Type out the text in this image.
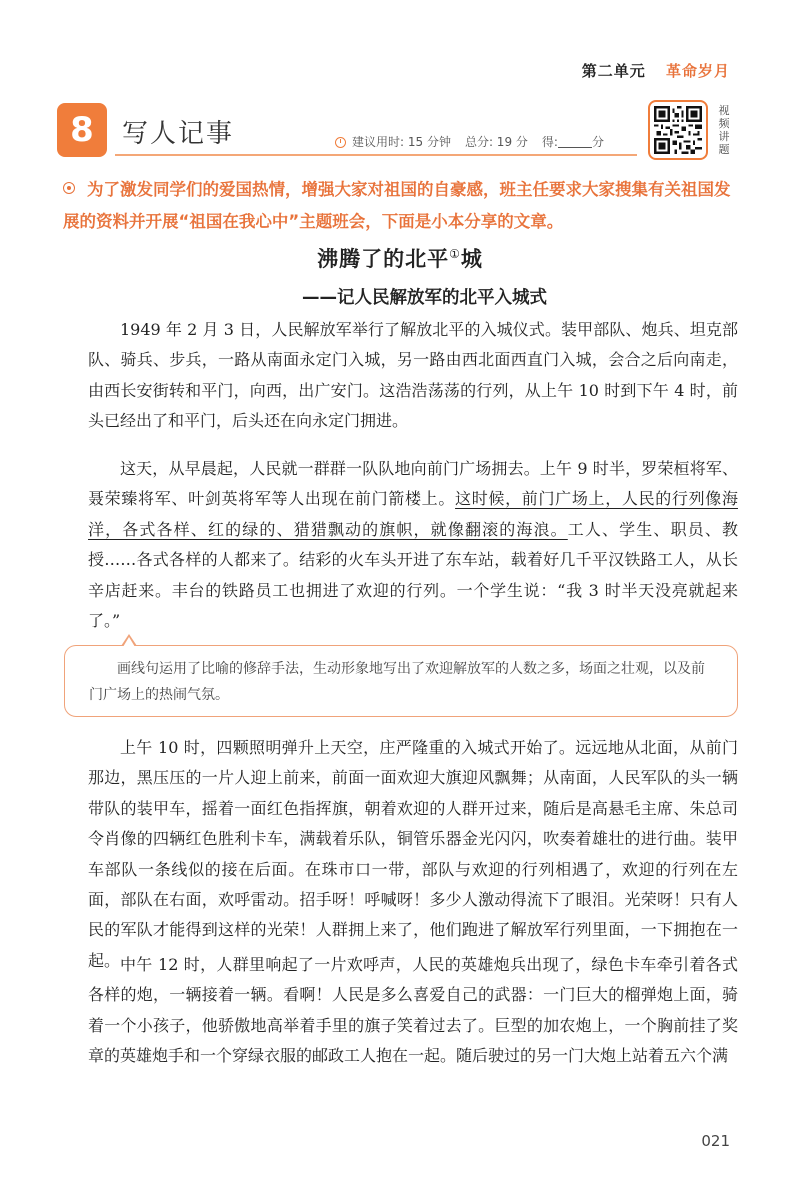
第二单元 革命岁月
8	写人记事	建议用时: 15 分钟 总分: 19 分 得:	分
视频讲题
为了激发同学们的爱国热情，增强大家对祖国的自豪感，班主任要求大家搜集有关祖国发展的资料并开展“祖国在我心中”主题班会，下面是小本分享的文章。
沸腾了的北平①城
——记人民解放军的北平入城式
1949 年 2 月 3 日，人民解放军举行了解放北平的入城仪式。装甲部队、炮兵、坦克部队、骑兵、步兵，一路从南面永定门入城，另一路由西北面西直门入城，会合之后向南走，由西长安街转和平门，向西，出广安门。这浩浩荡荡的行列，从上午 10 时到下午 4 时，前头已经出了和平门，后头还在向永定门拥进。
这天，从早晨起，人民就一群群一队队地向前门广场拥去。上午 9 时半，罗荣桓将军、聂荣臻将军、叶剑英将军等人出现在前门箭楼上。这时候，前门广场上，人民的行列像海洋，各式各样、红的绿的、猎猎飘动的旗帜，就像翻滚的海浪。工人、学生、职员、教授……各式各样的人都来了。结彩的火车头开进了东车站，载着好几千平汉铁路工人，从长辛店赶来。丰台的铁路员工也拥进了欢迎的行列。一个学生说：“我 3 时半天没亮就起来了。”
画线句运用了比喻的修辞手法，生动形象地写出了欢迎解放军的人数之多，场面之壮观，以及前门广场上的热闹气氛。
上午 10 时，四颗照明弹升上天空，庄严隆重的入城式开始了。远远地从北面，从前门那边，黑压压的一片人迎上前来，前面一面欢迎大旗迎风飘舞；从南面，人民军队的头一辆带队的装甲车，摇着一面红色指挥旗，朝着欢迎的人群开过来，随后是高悬毛主席、朱总司令肖像的四辆红色胜利卡车，满载着乐队，铜管乐器金光闪闪，吹奏着雄壮的进行曲。装甲车部队一条线似的接在后面。在珠市口一带，部队与欢迎的行列相遇了，欢迎的行列在左面，部队在右面，欢呼雷动。招手呀！呼喊呀！多少人激动得流下了眼泪。光荣呀！只有人民的军队才能得到这样的光荣！人群拥上来了，他们跑进了解放军行列里面，一下拥抱在一起。 中午 12 时，人群里响起了一片欢呼声，人民的英雄炮兵出现了，绿色卡车牵引着各式各样的炮，一辆接着一辆。看啊！人民是多么喜爱自己的武器：一门巨大的榴弹炮上面，骑着一个小孩子，他骄傲地高举着手里的旗子笑着过去了。巨型的加农炮上，一个胸前挂了奖章的英雄炮手和一个穿绿衣服的邮政工人抱在一起。随后驶过的另一门大炮上站着五六个满
021
